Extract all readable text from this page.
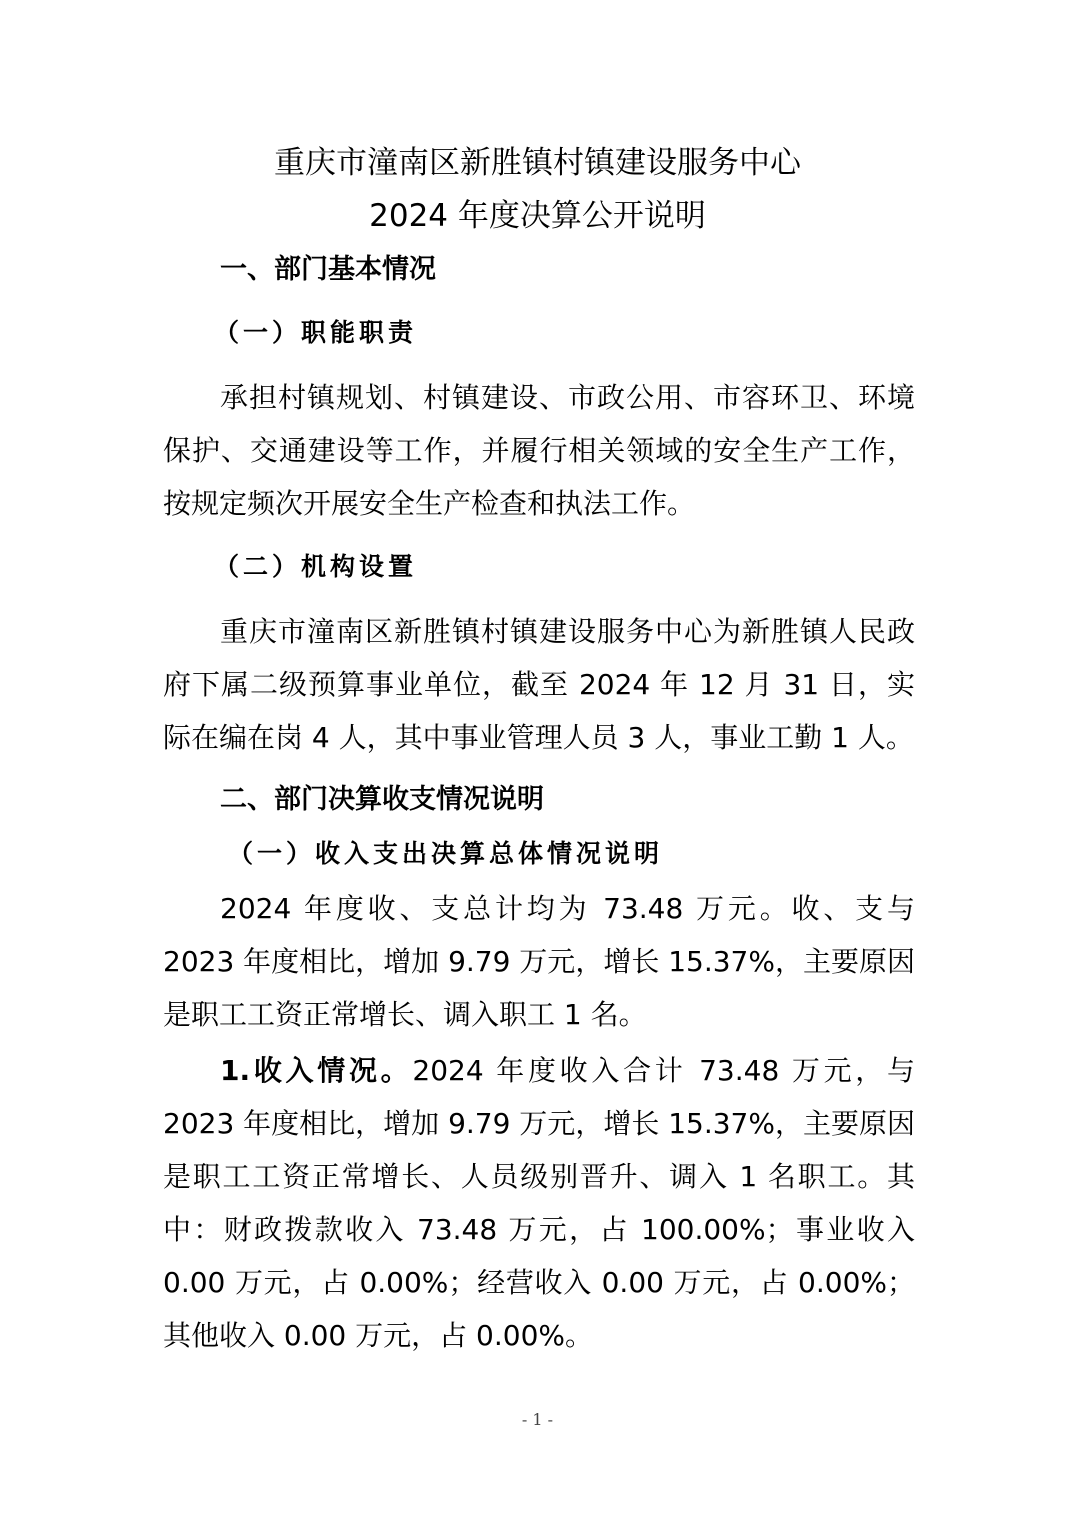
重庆市潼南区新胜镇村镇建设服务中心
2024 年度决算公开说明
一、部门基本情况
（一）职能职责

承担村镇规划、村镇建设、市政公用、市容环卫、环境保护、交通建设等工作，并履行相关领域的安全生产工作，按规定频次开展安全生产检查和执法工作。

（二）机构设置

重庆市潼南区新胜镇村镇建设服务中心为新胜镇人民政府下属二级预算事业单位，截至 2024 年 12 月 31 日，实际在编在岗 4 人，其中事业管理人员 3 人，事业工勤 1 人。

二、部门决算收支情况说明
（一）收入支出决算总体情况说明

2024 年度收、支总计均为 73.48 万元。收、支与 2023 年度相比，增加 9.79 万元，增长 15.37%，主要原因是职工工资正常增长、调入职工 1 名。

1.收入情况。2024 年度收入合计 73.48 万元，与 2023 年度相比，增加 9.79 万元，增长 15.37%，主要原因是职工工资正常增长、人员级别晋升、调入 1 名职工。其中：财政拨款收入 73.48 万元，占 100.00%；事业收入 0.00 万元，占 0.00%；经营收入 0.00 万元，占 0.00%；其他收入 0.00 万元，占 0.00%。

- 1 -
